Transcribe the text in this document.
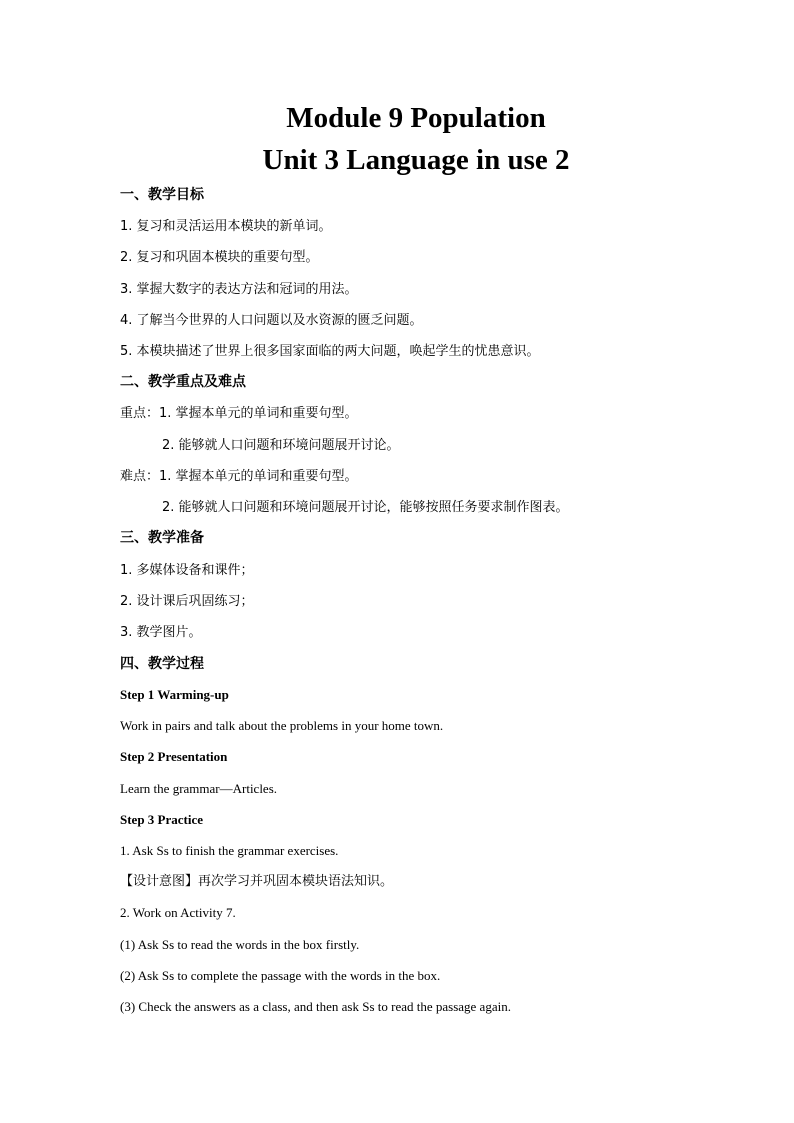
Module 9 Population
Unit 3 Language in use 2
一、教学目标
1. 复习和灵活运用本模块的新单词。
2. 复习和巩固本模块的重要句型。
3. 掌握大数字的表达方法和冠词的用法。
4. 了解当今世界的人口问题以及水资源的匮乏问题。
5. 本模块描述了世界上很多国家面临的两大问题，唤起学生的忧患意识。
二、教学重点及难点
重点：1. 掌握本单元的单词和重要句型。
2. 能够就人口问题和环境问题展开讨论。
难点：1. 掌握本单元的单词和重要句型。
2. 能够就人口问题和环境问题展开讨论，能够按照任务要求制作图表。
三、教学准备
1. 多媒体设备和课件；
2. 设计课后巩固练习；
3. 教学图片。
四、教学过程
Step 1 Warming-up
Work in pairs and talk about the problems in your home town.
Step 2 Presentation
Learn the grammar—Articles.
Step 3 Practice
1. Ask Ss to finish the grammar exercises.
【设计意图】再次学习并巩固本模块语法知识。
2. Work on Activity 7.
(1) Ask Ss to read the words in the box firstly.
(2) Ask Ss to complete the passage with the words in the box.
(3) Check the answers as a class, and then ask Ss to read the passage again.
